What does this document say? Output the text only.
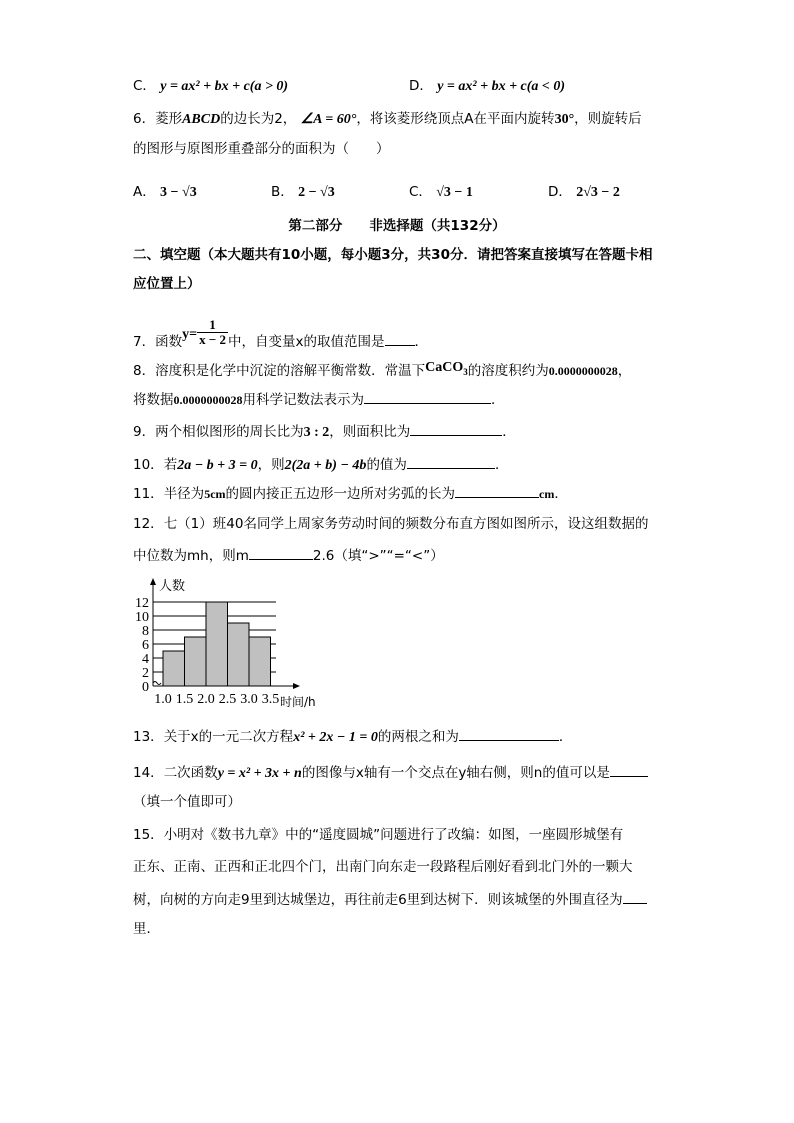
C． y = ax² + bx + c(a > 0)	D． y = ax² + bx + c(a < 0)
6．菱形ABCD的边长为2， ∠A = 60°，将该菱形绕顶点A在平面内旋转30°，则旋转后
的图形与原图形重叠部分的面积为（　　）
A． 3 − √3	B． 2 − √3	C． √3 − 1	D． 2√3 − 2
第二部分　　非选择题（共132分）
二、填空题（本大题共有10小题，每小题3分，共30分．请把答案直接填写在答题卡相
应位置上）
7．函数$y= \frac{1}{x - 2}$ 中，自变量x的取值范围是 ．
8．溶度积是化学中沉淀的溶解平衡常数．常温下CaCO$_3$的溶度积约为0.0000000028，
将数据0.0000000028用科学记数法表示为	．
9．两个相似图形的周长比为3 : 2，则面积比为	．
10．若2a − b + 3 = 0，则2(2a + b) − 4b的值为	．
11．半径为5cm的圆内接正五边形一边所对劣弧的长为	cm．
12．七（1）班40名同学上周家务劳动时间的频数分布直方图如图所示，设这组数据的
中位数为mh，则m	2.6（填“>”“=“<”）
0
2
4
6
8
10
12
1.0 1.5 2.0 2.5 3.0 3.5
人数
时间/h
13．关于x的一元二次方程x² + 2x − 1 = 0的两根之和为	．
14．二次函数y = x² + 3x + n的图像与x轴有一个交点在y轴右侧，则n的值可以是
（填一个值即可）
15．小明对《数书九章》中的“遥度圆城”问题进行了改编：如图，一座圆形城堡有
正东、正南、正西和正北四个门，出南门向东走一段路程后刚好看到北门外的一颗大
树，向树的方向走9里到达城堡边，再往前走6里到达树下．则该城堡的外围直径为
里．
